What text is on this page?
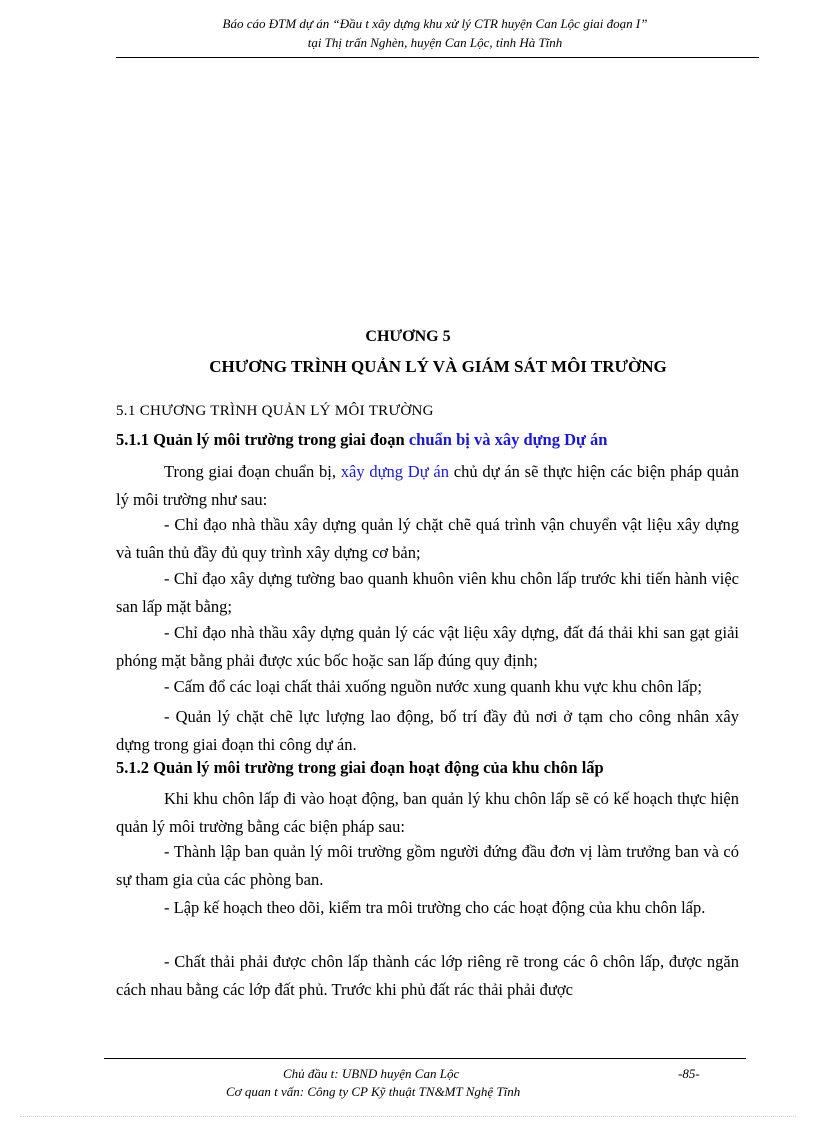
Báo cáo ĐTM dự án “Đầu t xây dựng khu xử lý CTR huyện Can Lộc giai đoạn I”
tại Thị trấn Nghèn, huyện Can Lộc, tỉnh Hà Tĩnh
CHƯƠNG 5
CHƯƠNG TRÌNH QUẢN LÝ VÀ GIÁM SÁT MÔI TRƯỜNG
5.1 CHƯƠNG TRÌNH QUẢN LÝ MÔI TRƯỜNG
5.1.1 Quản lý môi trường trong giai đoạn chuẩn bị và xây dựng Dự án

Trong giai đoạn chuẩn bị, xây dựng Dự án chủ dự án sẽ thực hiện các biện pháp quản lý môi trường như sau:

- Chỉ đạo nhà thầu xây dựng quản lý chặt chẽ quá trình vận chuyển vật liệu xây dựng và tuân thủ đầy đủ quy trình xây dựng cơ bản;

- Chỉ đạo xây dựng tường bao quanh khuôn viên khu chôn lấp trước khi tiến hành việc san lấp mặt bằng;

- Chỉ đạo nhà thầu xây dựng quản lý các vật liệu xây dựng, đất đá thải khi san gạt giải phóng mặt bằng phải được xúc bốc hoặc san lấp đúng quy định;

- Cấm đổ các loại chất thải xuống nguồn nước xung quanh khu vực khu chôn lấp;

- Quản lý chặt chẽ lực lượng lao động, bố trí đầy đủ nơi ở tạm cho công nhân xây dựng trong giai đoạn thi công dự án.

5.1.2 Quản lý môi trường trong giai đoạn hoạt động của khu chôn lấp

Khi khu chôn lấp đi vào hoạt động, ban quản lý khu chôn lấp sẽ có kế hoạch thực hiện quản lý môi trường bằng các biện pháp sau:

- Thành lập ban quản lý môi trường gồm người đứng đầu đơn vị làm trưởng ban và có sự tham gia của các phòng ban.

- Lập kế hoạch theo dõi, kiểm tra môi trường cho các hoạt động của khu chôn lấp.

- Chất thải phải được chôn lấp thành các lớp riêng rẽ trong các ô chôn lấp, được ngăn cách nhau bằng các lớp đất phủ. Trước khi phủ đất rác thải phải được

Chủ đầu t: UBND huyện Can Lộc	-85-
Cơ quan t vấn: Công ty CP Kỹ thuật TN&MT Nghệ Tĩnh
